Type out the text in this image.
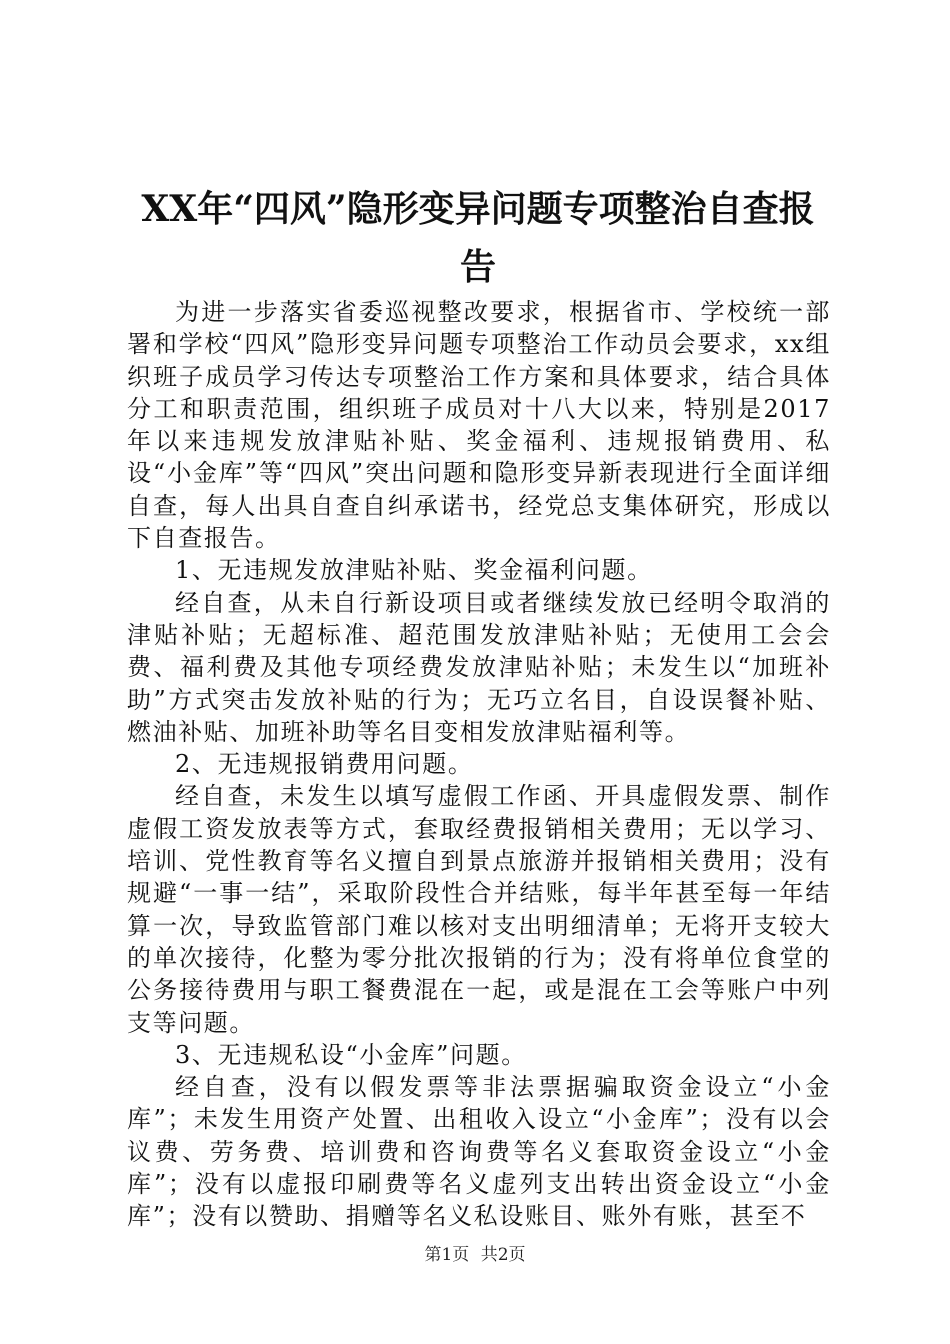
XX年“四风”隐形变异问题专项整治自查报
告

为进一步落实省委巡视整改要求，根据省市、学校统一部署和学校“四风”隐形变异问题专项整治工作动员会要求，xx组织班子成员学习传达专项整治工作方案和具体要求，结合具体分工和职责范围，组织班子成员对十八大以来，特别是2017年以来违规发放津贴补贴、奖金福利、违规报销费用、私设“小金库”等“四风”突出问题和隐形变异新表现进行全面详细自查，每人出具自查自纠承诺书，经党总支集体研究，形成以下自查报告。

1、无违规发放津贴补贴、奖金福利问题。

经自查，从未自行新设项目或者继续发放已经明令取消的津贴补贴；无超标准、超范围发放津贴补贴；无使用工会会费、福利费及其他专项经费发放津贴补贴；未发生以“加班补助”方式突击发放补贴的行为；无巧立名目，自设误餐补贴、燃油补贴、加班补助等名目变相发放津贴福利等。

2、无违规报销费用问题。

经自查，未发生以填写虚假工作函、开具虚假发票、制作虚假工资发放表等方式，套取经费报销相关费用；无以学习、培训、党性教育等名义擅自到景点旅游并报销相关费用；没有规避“一事一结”，采取阶段性合并结账，每半年甚至每一年结算一次，导致监管部门难以核对支出明细清单；无将开支较大的单次接待，化整为零分批次报销的行为；没有将单位食堂的公务接待费用与职工餐费混在一起，或是混在工会等账户中列支等问题。

3、无违规私设“小金库”问题。

经自查，没有以假发票等非法票据骗取资金设立“小金库”；未发生用资产处置、出租收入设立“小金库”；没有以会议费、劳务费、培训费和咨询费等名义套取资金设立“小金库”；没有以虚报印刷费等名义虚列支出转出资金设立“小金库”；没有以赞助、捐赠等名义私设账目、账外有账，甚至不

第1页 共2页
